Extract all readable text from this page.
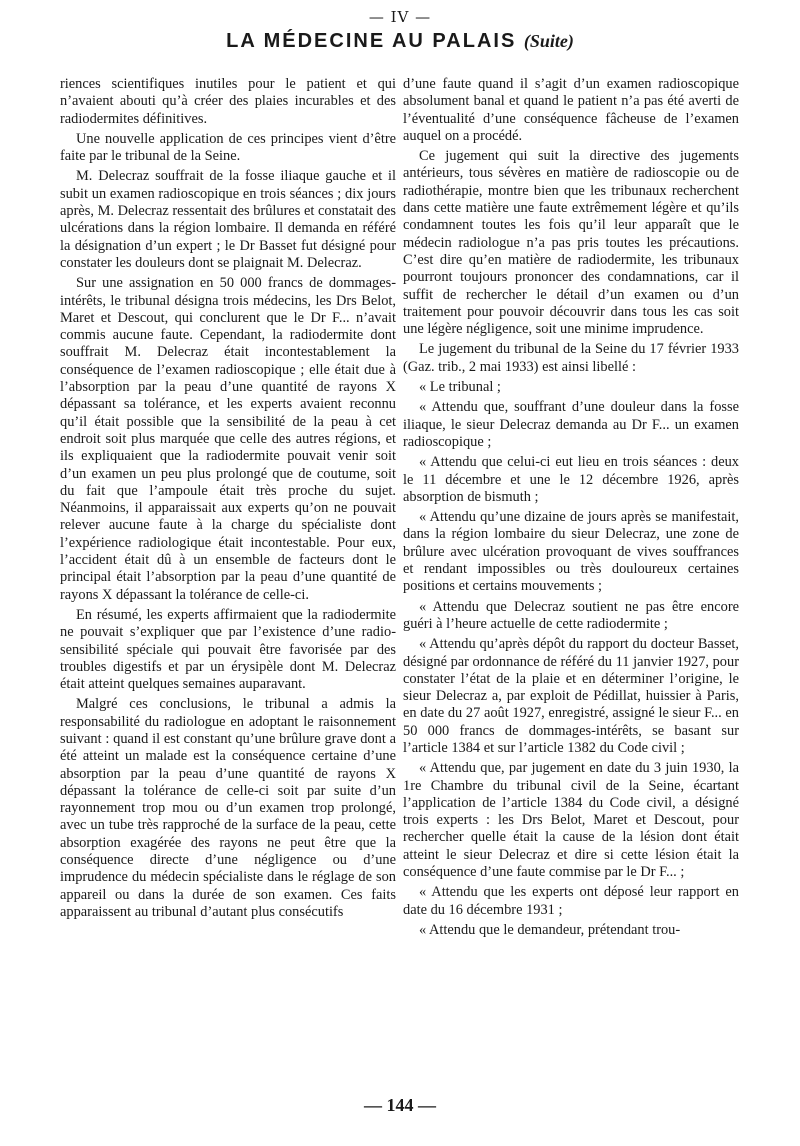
— IV —
LA MÉDECINE AU PALAIS (Suite)

riences scientifiques inutiles pour le patient et qui n’avaient abouti qu’à créer des plaies incurables et des radiodermites définitives.

Une nouvelle application de ces principes vient d’être faite par le tribunal de la Seine.

M. Delecraz souffrait de la fosse iliaque gauche et il subit un examen radioscopique en trois séances ; dix jours après, M. Delecraz ressentait des brûlures et constatait des ulcérations dans la région lombaire. Il demanda en référé la désignation d’un expert ; le Dr Basset fut désigné pour constater les douleurs dont se plaignait M. Delecraz.

Sur une assignation en 50 000 francs de dommages-intérêts, le tribunal désigna trois médecins, les Drs Belot, Maret et Descout, qui conclurent que le Dr F... n’avait commis aucune faute. Cependant, la radiodermite dont souffrait M. Delecraz était incontestablement la conséquence de l’examen radioscopique ; elle était due à l’absorption par la peau d’une quantité de rayons X dépassant sa tolérance, et les experts avaient reconnu qu’il était possible que la sensibilité de la peau à cet endroit soit plus marquée que celle des autres régions, et ils expliquaient que la radiodermite pouvait venir soit d’un examen un peu plus prolongé que de coutume, soit du fait que l’ampoule était très proche du sujet. Néanmoins, il apparaissait aux experts qu’on ne pouvait relever aucune faute à la charge du spécialiste dont l’expérience radiologique était incontestable. Pour eux, l’accident était dû à un ensemble de facteurs dont le principal était l’absorption par la peau d’une quantité de rayons X dépassant la tolérance de celle-ci.

En résumé, les experts affirmaient que la radiodermite ne pouvait s’expliquer que par l’existence d’une radio-sensibilité spéciale qui pouvait être favorisée par des troubles digestifs et par un érysipèle dont M. Delecraz était atteint quelques semaines auparavant.

Malgré ces conclusions, le tribunal a admis la responsabilité du radiologue en adoptant le raisonnement suivant : quand il est constant qu’une brûlure grave dont a été atteint un malade est la conséquence certaine d’une absorption par la peau d’une quantité de rayons X dépassant la tolérance de celle-ci soit par suite d’un rayonnement trop mou ou d’un examen trop prolongé, avec un tube très rapproché de la surface de la peau, cette absorption exagérée des rayons ne peut être que la conséquence directe d’une négligence ou d’une imprudence du médecin spécialiste dans le réglage de son appareil ou dans la durée de son examen. Ces faits apparaissent au tribunal d’autant plus consécutifs

d’une faute quand il s’agit d’un examen radioscopique absolument banal et quand le patient n’a pas été averti de l’éventualité d’une conséquence fâcheuse de l’examen auquel on a procédé.

Ce jugement qui suit la directive des jugements antérieurs, tous sévères en matière de radioscopie ou de radiothérapie, montre bien que les tribunaux recherchent dans cette matière une faute extrêmement légère et qu’ils condamnent toutes les fois qu’il leur apparaît que le médecin radiologue n’a pas pris toutes les précautions. C’est dire qu’en matière de radiodermite, les tribunaux pourront toujours prononcer des condamnations, car il suffit de rechercher le détail d’un examen ou d’un traitement pour pouvoir découvrir dans tous les cas soit une légère négligence, soit une minime imprudence.

Le jugement du tribunal de la Seine du 17 février 1933 (Gaz. trib., 2 mai 1933) est ainsi libellé :

« Le tribunal ;

« Attendu que, souffrant d’une douleur dans la fosse iliaque, le sieur Delecraz demanda au Dr F... un examen radioscopique ;

« Attendu que celui-ci eut lieu en trois séances : deux le 11 décembre et une le 12 décembre 1926, après absorption de bismuth ;

« Attendu qu’une dizaine de jours après se manifestait, dans la région lombaire du sieur Delecraz, une zone de brûlure avec ulcération provoquant de vives souffrances et rendant impossibles ou très douloureux certaines positions et certains mouvements ;

« Attendu que Delecraz soutient ne pas être encore guéri à l’heure actuelle de cette radiodermite ;

« Attendu qu’après dépôt du rapport du docteur Basset, désigné par ordonnance de référé du 11 janvier 1927, pour constater l’état de la plaie et en déterminer l’origine, le sieur Delecraz a, par exploit de Pédillat, huissier à Paris, en date du 27 août 1927, enregistré, assigné le sieur F... en 50 000 francs de dommages-intérêts, se basant sur l’article 1384 et sur l’article 1382 du Code civil ;

« Attendu que, par jugement en date du 3 juin 1930, la 1re Chambre du tribunal civil de la Seine, écartant l’application de l’article 1384 du Code civil, a désigné trois experts : les Drs Belot, Maret et Descout, pour rechercher quelle était la cause de la lésion dont était atteint le sieur Delecraz et dire si cette lésion était la conséquence d’une faute commise par le Dr F... ;

« Attendu que les experts ont déposé leur rapport en date du 16 décembre 1931 ;

« Attendu que le demandeur, prétendant trou-

— 144 —
